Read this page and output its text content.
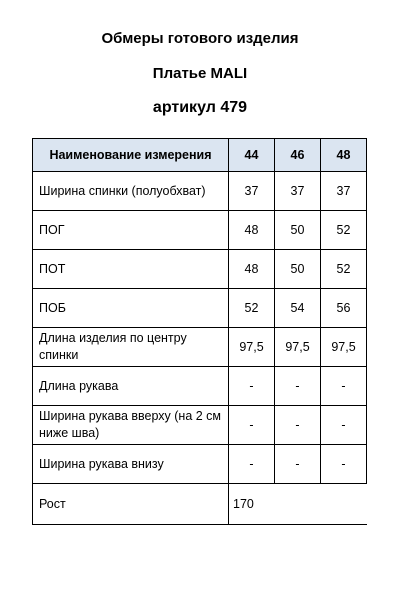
Обмеры готового изделия
Платье MALI
артикул 479
Наименование измерения	44	46	48
Ширина спинки (полуобхват)	37	37	37
ПОГ	48	50	52
ПОТ	48	50	52
ПОБ	52	54	56
Длина изделия по центру спинки	97,5	97,5	97,5
Длина рукава	-	-	-
Ширина рукава вверху (на 2 см ниже шва)	-	-	-
Ширина рукава внизу	-	-	-
Рост	170		
